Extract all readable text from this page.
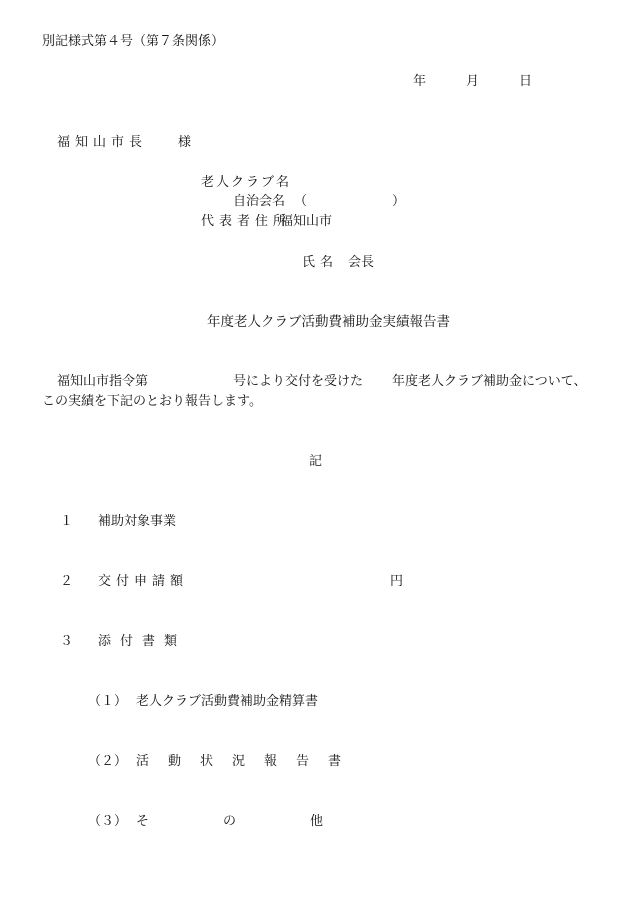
別記様式第４号（第７条関係）

年	月	日
福知山市長 様
老人クラブ名
自治会名 （	）
代表者住所
福知山市
氏名 会長
年度老人クラブ活動費補助金実績報告書
福知山市指令第	号により交付を受けた 年度老人クラブ補助金について、
この実績を下記のとおり報告します。
記
１ 補助対象事業
２ 交付申請額	円
３ 添付書類
（１） 老人クラブ活動費補助金精算書
（２） 活動状況報告書
（３） その他
